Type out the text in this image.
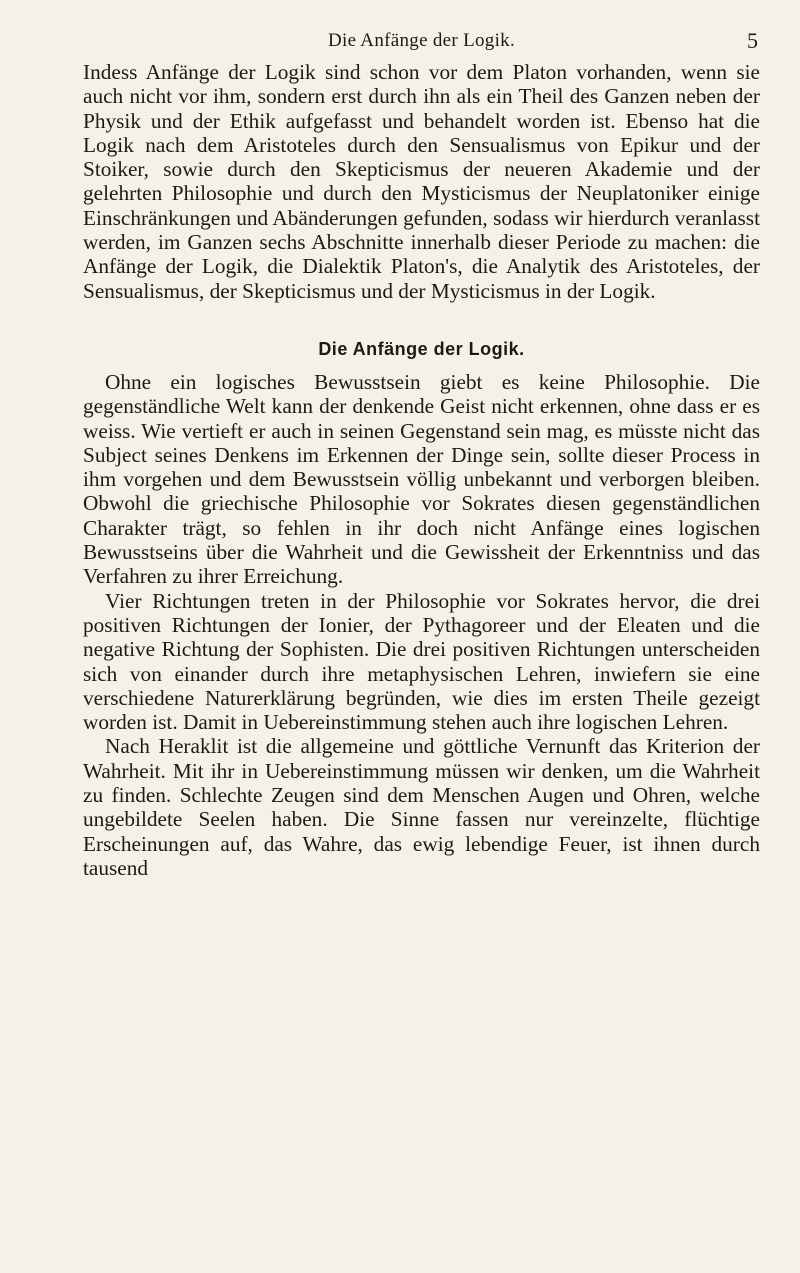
Die Anfänge der Logik.	5

Indess Anfänge der Logik sind schon vor dem Platon vorhanden, wenn sie auch nicht vor ihm, sondern erst durch ihn als ein Theil des Ganzen neben der Physik und der Ethik aufgefasst und behandelt worden ist. Ebenso hat die Logik nach dem Aristoteles durch den Sensualismus von Epikur und der Stoiker, sowie durch den Skepticismus der neueren Akademie und der gelehrten Philosophie und durch den Mysticismus der Neuplatoniker einige Einschränkungen und Abänderungen gefunden, sodass wir hierdurch veranlasst werden, im Ganzen sechs Abschnitte innerhalb dieser Periode zu machen: die Anfänge der Logik, die Dialektik Platon's, die Analytik des Aristoteles, der Sensualismus, der Skepticismus und der Mysticismus in der Logik.

Die Anfänge der Logik.

Ohne ein logisches Bewusstsein giebt es keine Philosophie. Die gegenständliche Welt kann der denkende Geist nicht erkennen, ohne dass er es weiss. Wie vertieft er auch in seinen Gegenstand sein mag, es müsste nicht das Subject seines Denkens im Erkennen der Dinge sein, sollte dieser Process in ihm vorgehen und dem Bewusstsein völlig unbekannt und verborgen bleiben. Obwohl die griechische Philosophie vor Sokrates diesen gegenständlichen Charakter trägt, so fehlen in ihr doch nicht Anfänge eines logischen Bewusstseins über die Wahrheit und die Gewissheit der Erkenntniss und das Verfahren zu ihrer Erreichung.

Vier Richtungen treten in der Philosophie vor Sokrates hervor, die drei positiven Richtungen der Ionier, der Pythagoreer und der Eleaten und die negative Richtung der Sophisten. Die drei positiven Richtungen unterscheiden sich von einander durch ihre metaphysischen Lehren, inwiefern sie eine verschiedene Naturerklärung begründen, wie dies im ersten Theile gezeigt worden ist. Damit in Uebereinstimmung stehen auch ihre logischen Lehren.

Nach Heraklit ist die allgemeine und göttliche Vernunft das Kriterion der Wahrheit. Mit ihr in Uebereinstimmung müssen wir denken, um die Wahrheit zu finden. Schlechte Zeugen sind dem Menschen Augen und Ohren, welche ungebildete Seelen haben. Die Sinne fassen nur vereinzelte, flüchtige Erscheinungen auf, das Wahre, das ewig lebendige Feuer, ist ihnen durch tausend
